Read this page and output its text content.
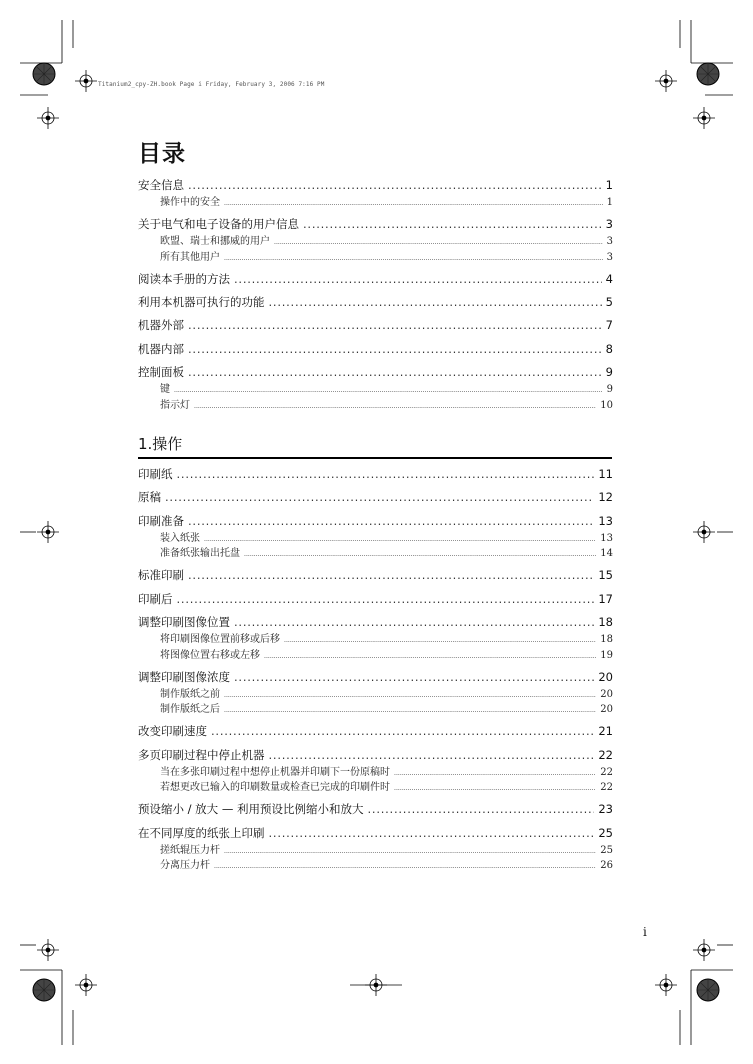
Titanium2_cpy-ZH.book Page i Friday, February 3, 2006 7:16 PM
目录
安全信息 . . .	1
操作中的安全 .....	1
关于电气和电子设备的用户信息 . . .	3
欧盟、瑞士和挪威的用户 .....	3
所有其他用户 .....	3
阅读本手册的方法 . . .	4
利用本机器可执行的功能 . . .	5
机器外部 . . .	7
机器内部 . . .	8
控制面板 . . .	9
键 .....	9
指示灯 .....	10
1.操作
印刷纸 . . .	11
原稿 . . .	12
印刷准备 . . .	13
装入纸张 .....	13
准备纸张输出托盘 .....	14
标准印刷 . . .	15
印刷后 . . .	17
调整印刷图像位置 . . .	18
将印刷图像位置前移或后移 .....	18
将图像位置右移或左移 .....	19
调整印刷图像浓度 . . .	20
制作版纸之前 .....	20
制作版纸之后 .....	20
改变印刷速度 . . .	21
多页印刷过程中停止机器 . . .	22
当在多张印刷过程中想停止机器并印刷下一份原稿时 .....	22
若想更改已输入的印刷数量或检查已完成的印刷件时 .....	22
预设缩小 / 放大 — 利用预设比例缩小和放大 . . .	23
在不同厚度的纸张上印刷 . . .	25
搓纸辊压力杆 .....	25
分离压力杆 .....	26
i
